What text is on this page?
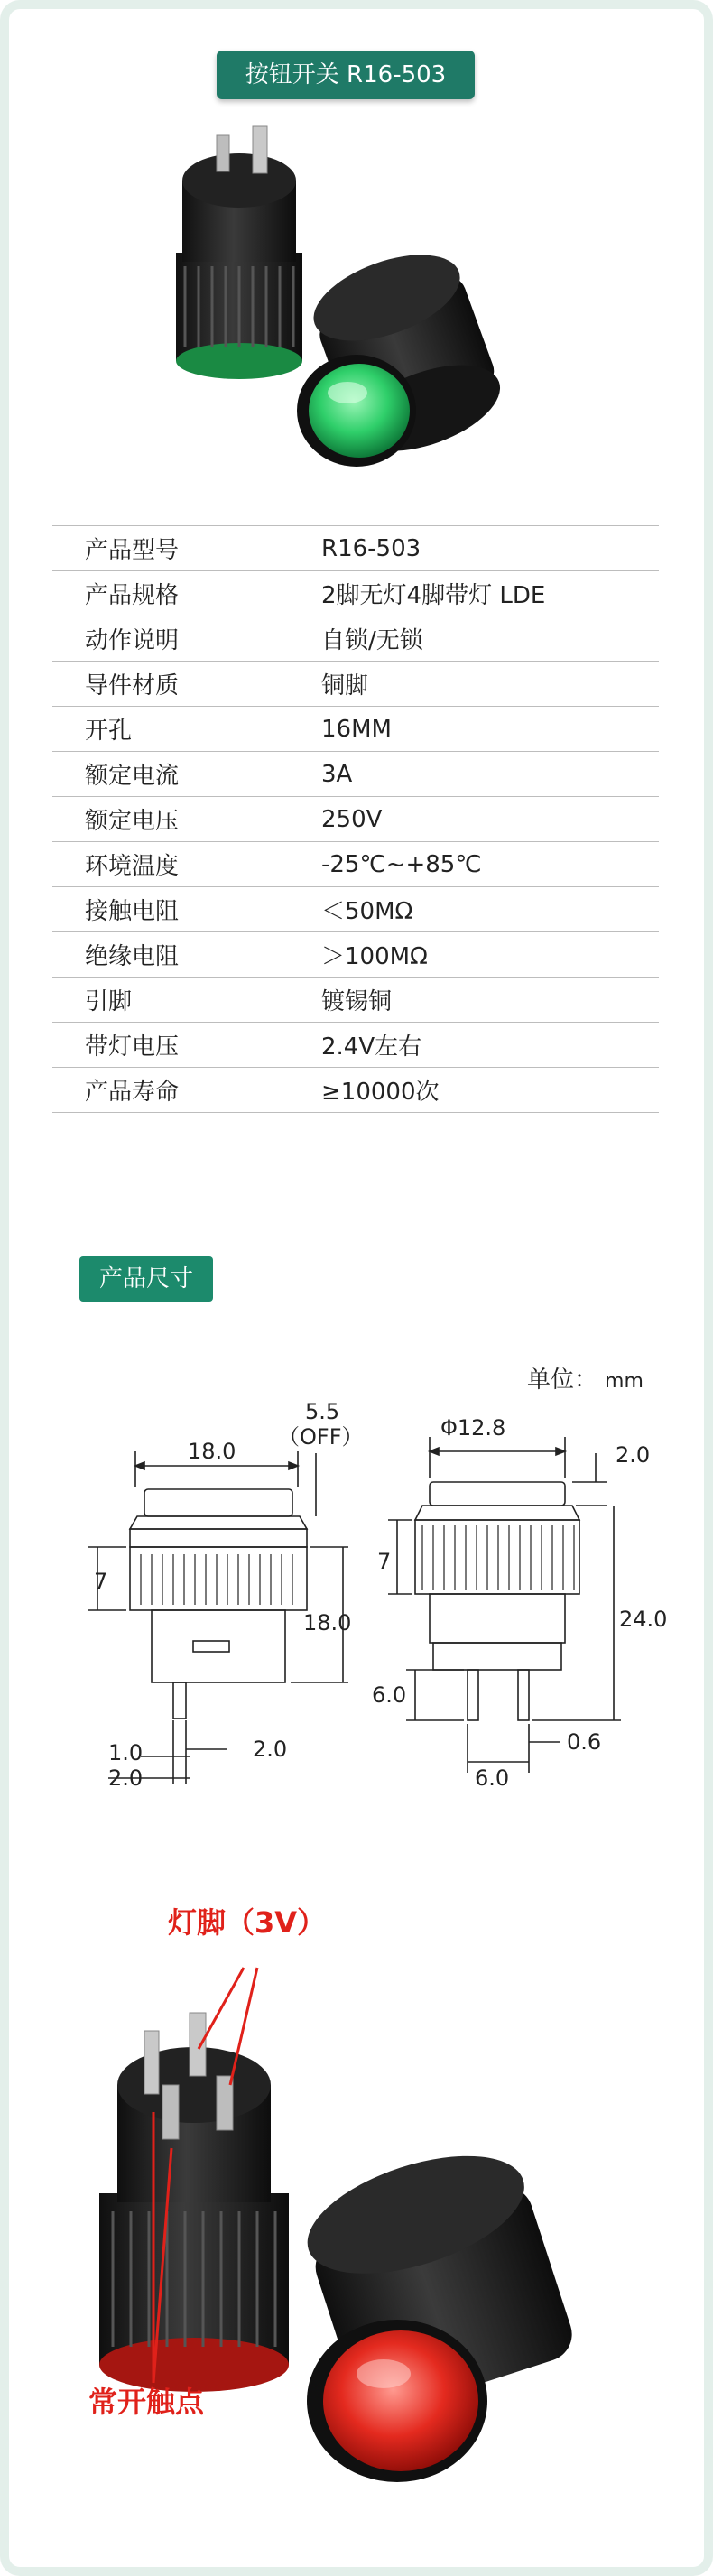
按钮开关 R16-503
产品型号	R16-503
产品规格	2脚无灯4脚带灯 LDE
动作说明	自锁/无锁
导件材质	铜脚
开孔	16MM
额定电流	3A
额定电压	250V
环境温度	-25℃~+85℃
接触电阻	＜50MΩ
绝缘电阻	＞100MΩ
引脚	镀锡铜
带灯电压	2.4V左右
产品寿命	≥10000次
产品尺寸
单位： mm
18.0
5.5
（OFF）
7
18.0
1.0
2.0
2.0
Φ12.8
2.0
7
24.0
6.0
0.6
6.0
灯脚（3V）
常开触点
